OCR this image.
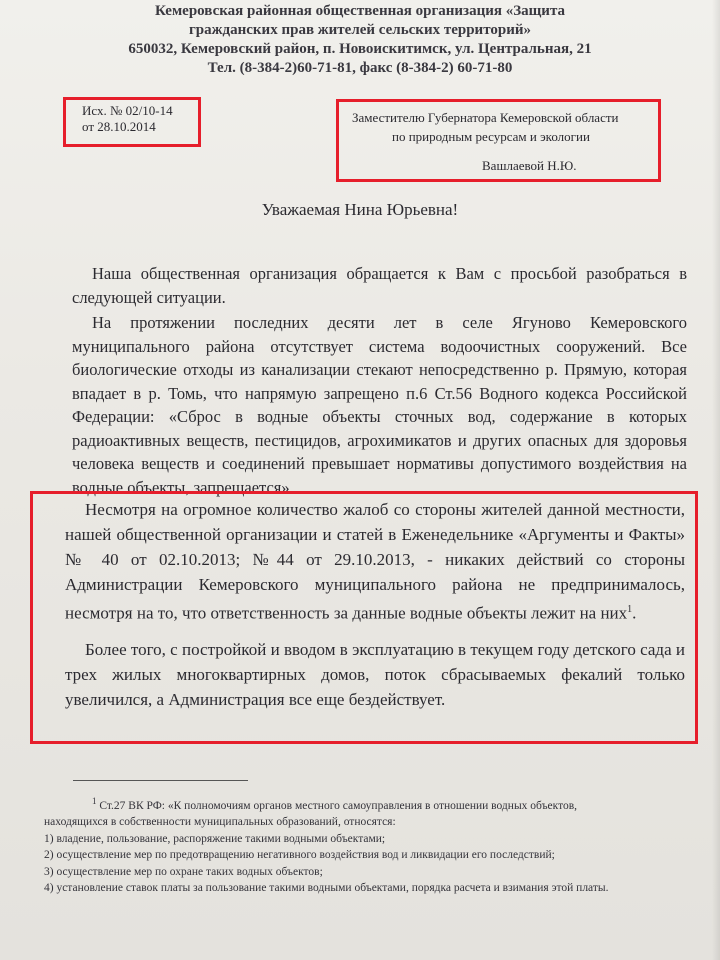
Кемеровская районная общественная организация «Защита
гражданских прав жителей сельских территорий»
650032, Кемеровский район, п. Новоискитимск, ул. Центральная, 21
Тел. (8-384-2)60-71-81, факс (8-384-2) 60-71-80
Исх. № 02/10-14
от 28.10.2014
Заместителю Губернатора Кемеровской области
по природным ресурсам и экологии
Вашлаевой Н.Ю.
Уважаемая Нина Юрьевна!

Наша общественная организация обращается к Вам с просьбой разобраться в следующей ситуации.

На протяжении последних десяти лет в селе Ягуново Кемеровского муниципального района отсутствует система водоочистных сооружений. Все биологические отходы из канализации стекают непосредственно р. Прямую, которая впадает в р. Томь, что напрямую запрещено п.6 Ст.56 Водного кодекса Российской Федерации: «Сброс в водные объекты сточных вод, содержание в которых радиоактивных веществ, пестицидов, агрохимикатов и других опасных для здоровья человека веществ и соединений превышает нормативы допустимого воздействия на водные объекты, запрещается».

Несмотря на огромное количество жалоб со стороны жителей данной местности, нашей общественной организации и статей в Еженедельнике «Аргументы и Факты» № 40 от 02.10.2013; №44 от 29.10.2013, - никаких действий со стороны Администрации Кемеровского муниципального района не предпринималось, несмотря на то, что ответственность за данные водные объекты лежит на них$^1$.

Более того, с постройкой и вводом в эксплуатацию в текущем году детского сада и трех жилых многоквартирных домов, поток сбрасываемых фекалий только увеличился, а Администрация все еще бездействует.

$^1$ Ст.27 ВК РФ: «К полномочиям органов местного самоуправления в отношении водных объектов,
находящихся в собственности муниципальных образований, относятся:
1) владение, пользование, распоряжение такими водными объектами;
2) осуществление мер по предотвращению негативного воздействия вод и ликвидации его последствий;
3) осуществление мер по охране таких водных объектов;
4) установление ставок платы за пользование такими водными объектами, порядка расчета и взимания этой платы.
